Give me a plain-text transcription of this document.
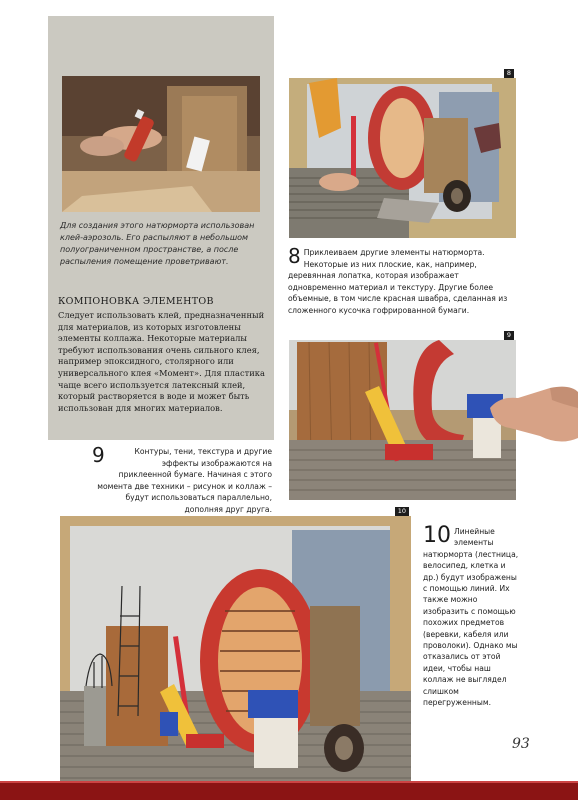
Для создания этого натюрморта использован клей-аэрозоль. Его распыляют в небольшом полуограниченном пространстве, а после распыления помещение проветривают.
КОМПОНОВКА ЭЛЕМЕНТОВ
Следует использовать клей, предназначенный для материалов, из которых изготовлены элементы коллажа. Некоторые материалы требуют использования очень сильного клея, например эпоксидного, столярного или универсального клея «Момент». Для пластика чаще всего используется латексный клей, который растворяется в воде и может быть использован для многих материалов.
8
8 Приклеиваем другие элементы натюрморта. Некоторые из них плоские, как, например, деревянная лопатка, которая изображает одновременно материал и текстуру. Другие более объемные, в том числе красная швабра, сделанная из сложенного кусочка гофрированной бумаги.
9
9	Контуры, тени, текстура и другие эффекты изображаются на приклеенной бумаге. Начиная с этого момента две техники – рисунок и коллаж – будут использоваться параллельно, дополняя друг друга.	10
10 Линейные элементы натюрморта (лестница, велосипед, клетка и др.) будут изображены с помощью линий. Их также можно изобразить с помощью похожих предметов (веревки, кабеля или проволоки). Однако мы отказались от этой идеи, чтобы наш коллаж не выглядел слишком перегруженным.
93
